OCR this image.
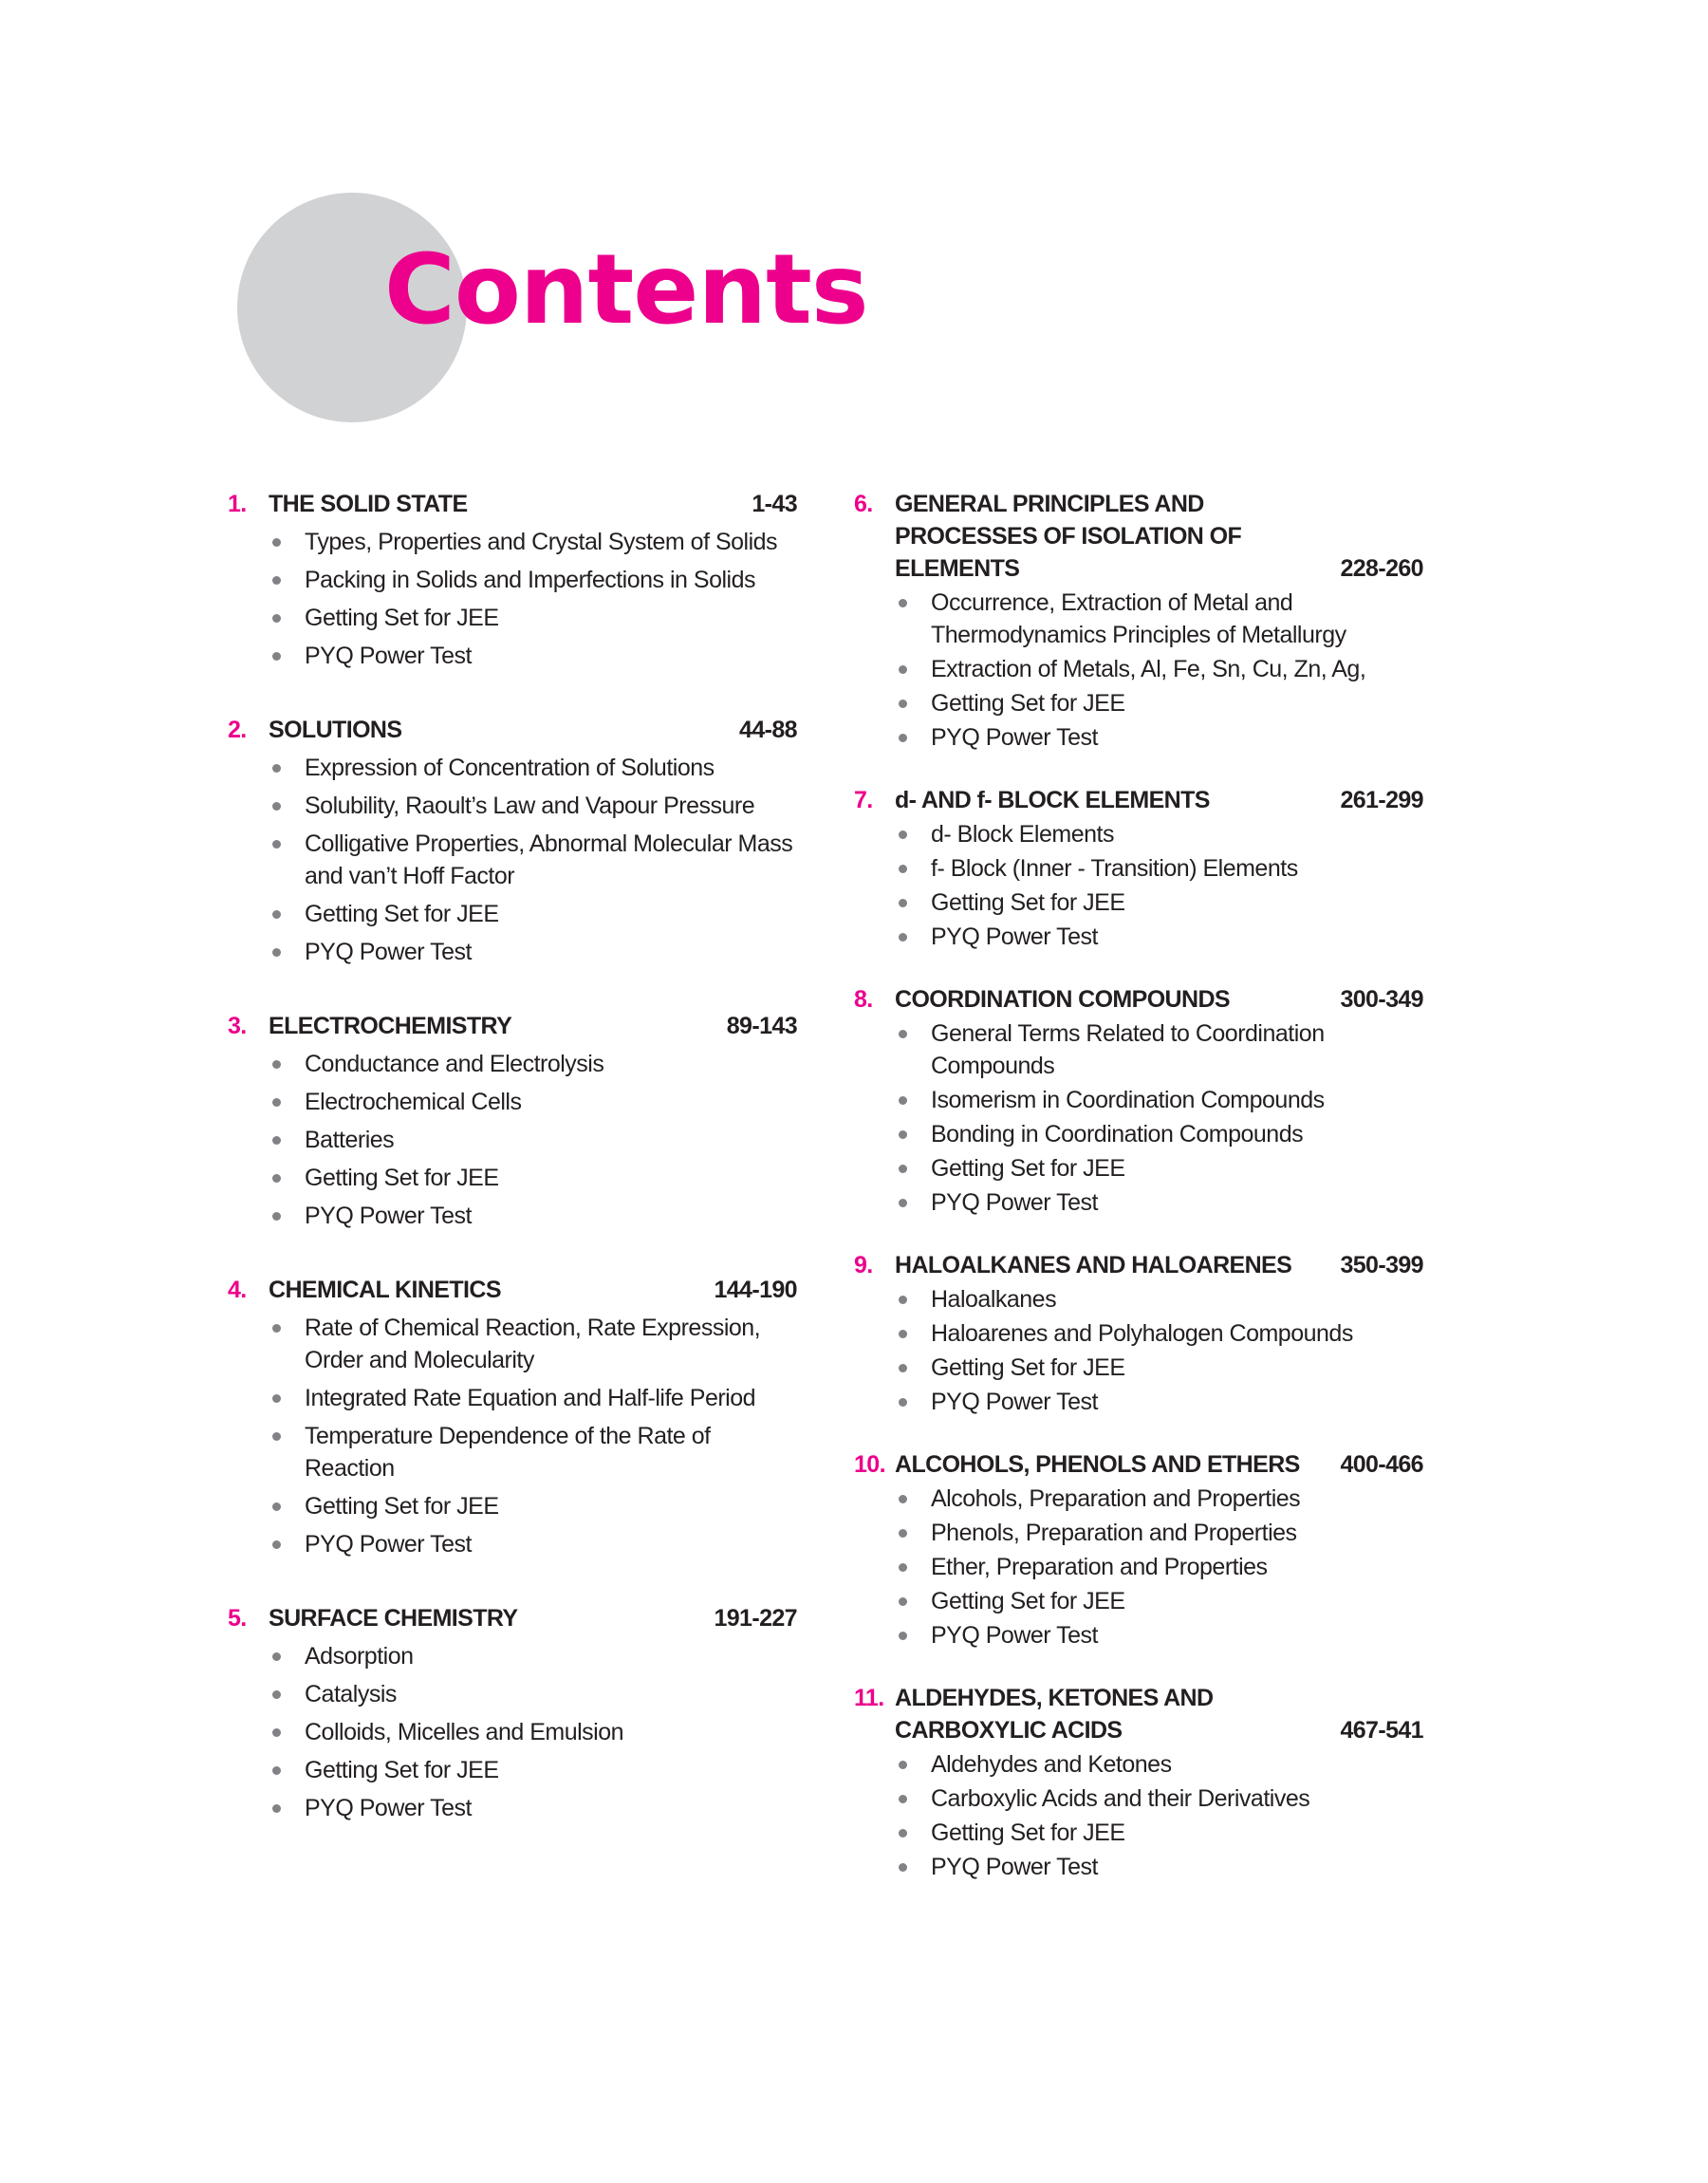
Contents
1. THE SOLID STATE	1-43
Types, Properties and Crystal System of Solids
Packing in Solids and Imperfections in Solids
Getting Set for JEE
PYQ Power Test
2. SOLUTIONS	44-88
Expression of Concentration of Solutions
Solubility, Raoult’s Law and Vapour Pressure
Colligative Properties, Abnormal Molecular Mass and van’t Hoff Factor
Getting Set for JEE
PYQ Power Test
3. ELECTROCHEMISTRY	89-143
Conductance and Electrolysis
Electrochemical Cells
Batteries
Getting Set for JEE
PYQ Power Test
4. CHEMICAL KINETICS	144-190
Rate of Chemical Reaction, Rate Expression, Order and Molecularity
Integrated Rate Equation and Half-life Period
Temperature Dependence of the Rate of Reaction
Getting Set for JEE
PYQ Power Test
5. SURFACE CHEMISTRY	191-227
Adsorption
Catalysis
Colloids, Micelles and Emulsion
Getting Set for JEE
PYQ Power Test
6. GENERAL PRINCIPLES AND PROCESSES OF ISOLATION OF ELEMENTS	228-260
Occurrence, Extraction of Metal and Thermodynamics Principles of Metallurgy
Extraction of Metals, Al, Fe, Sn, Cu, Zn, Ag,
Getting Set for JEE
PYQ Power Test
7. d- AND f- BLOCK ELEMENTS	261-299
d- Block Elements
f- Block (Inner - Transition) Elements
Getting Set for JEE
PYQ Power Test
8. COORDINATION COMPOUNDS	300-349
General Terms Related to Coordination Compounds
Isomerism in Coordination Compounds
Bonding in Coordination Compounds
Getting Set for JEE
PYQ Power Test
9. HALOALKANES AND HALOARENES	350-399
Haloalkanes
Haloarenes and Polyhalogen Compounds
Getting Set for JEE
PYQ Power Test
10. ALCOHOLS, PHENOLS AND ETHERS	400-466
Alcohols, Preparation and Properties
Phenols, Preparation and Properties
Ether, Preparation and Properties
Getting Set for JEE
PYQ Power Test
11. ALDEHYDES, KETONES AND CARBOXYLIC ACIDS	467-541
Aldehydes and Ketones
Carboxylic Acids and their Derivatives
Getting Set for JEE
PYQ Power Test
